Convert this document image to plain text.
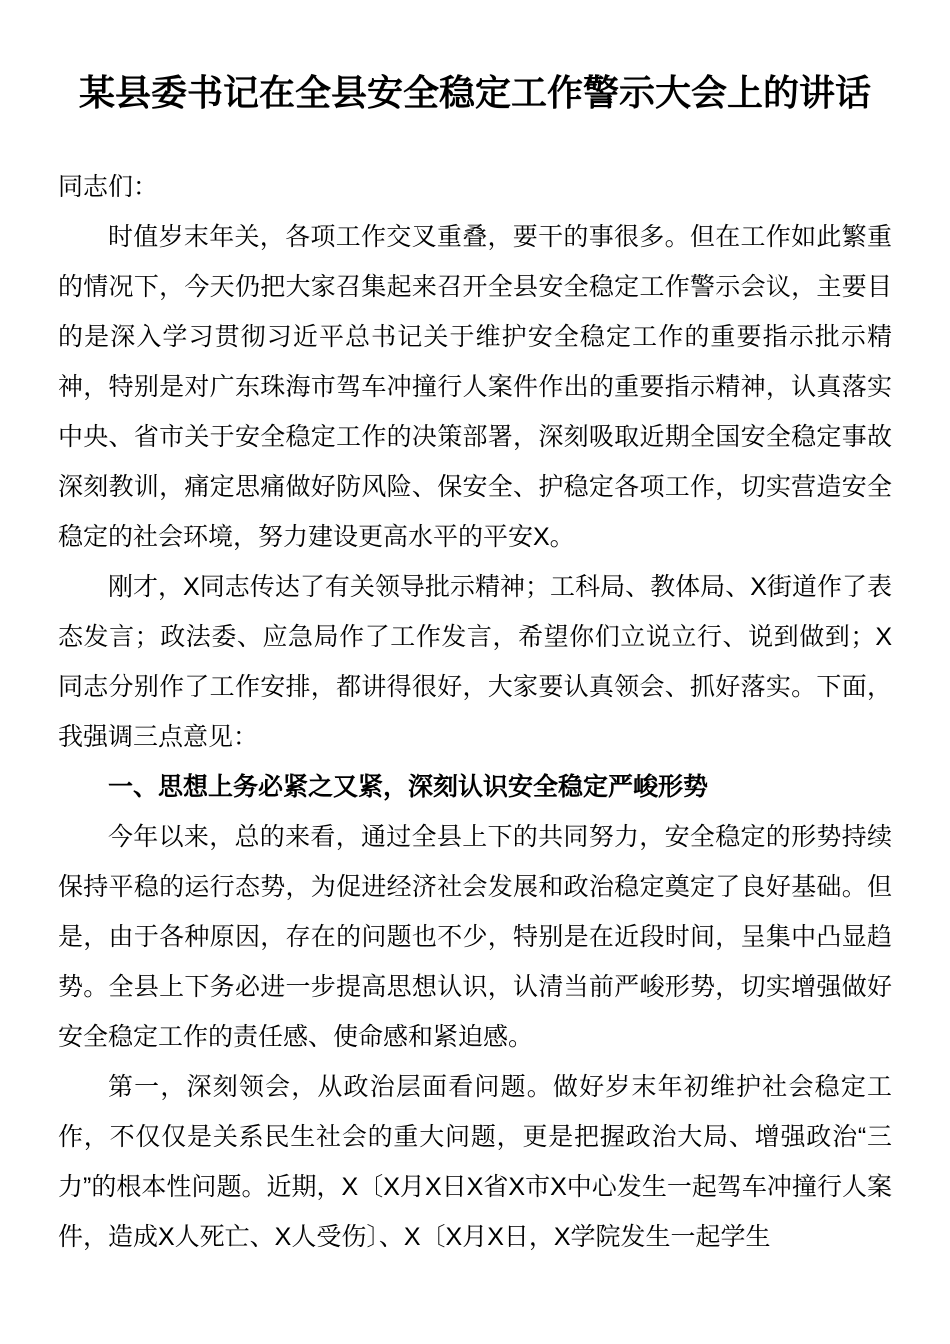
某县委书记在全县安全稳定工作警示大会上的讲话

同志们：

时值岁末年关，各项工作交叉重叠，要干的事很多。但在工作如此繁重的情况下，今天仍把大家召集起来召开全县安全稳定工作警示会议，主要目的是深入学习贯彻习近平总书记关于维护安全稳定工作的重要指示批示精神，特别是对广东珠海市驾车冲撞行人案件作出的重要指示精神，认真落实中央、省市关于安全稳定工作的决策部署，深刻吸取近期全国安全稳定事故深刻教训，痛定思痛做好防风险、保安全、护稳定各项工作，切实营造安全稳定的社会环境，努力建设更高水平的平安X。

刚才，X同志传达了有关领导批示精神；工科局、教体局、X街道作了表态发言；政法委、应急局作了工作发言，希望你们立说立行、说到做到；X同志分别作了工作安排，都讲得很好，大家要认真领会、抓好落实。下面，我强调三点意见：

一、思想上务必紧之又紧，深刻认识安全稳定严峻形势

今年以来，总的来看，通过全县上下的共同努力，安全稳定的形势持续保持平稳的运行态势，为促进经济社会发展和政治稳定奠定了良好基础。但是，由于各种原因，存在的问题也不少，特别是在近段时间，呈集中凸显趋势。全县上下务必进一步提高思想认识，认清当前严峻形势，切实增强做好安全稳定工作的责任感、使命感和紧迫感。

第一，深刻领会，从政治层面看问题。做好岁末年初维护社会稳定工作，不仅仅是关系民生社会的重大问题，更是把握政治大局、增强政治“三力”的根本性问题。近期，X〔X月X日X省X市X中心发生一起驾车冲撞行人案件，造成X人死亡、X人受伤〕、X〔X月X日，X学院发生一起学生
